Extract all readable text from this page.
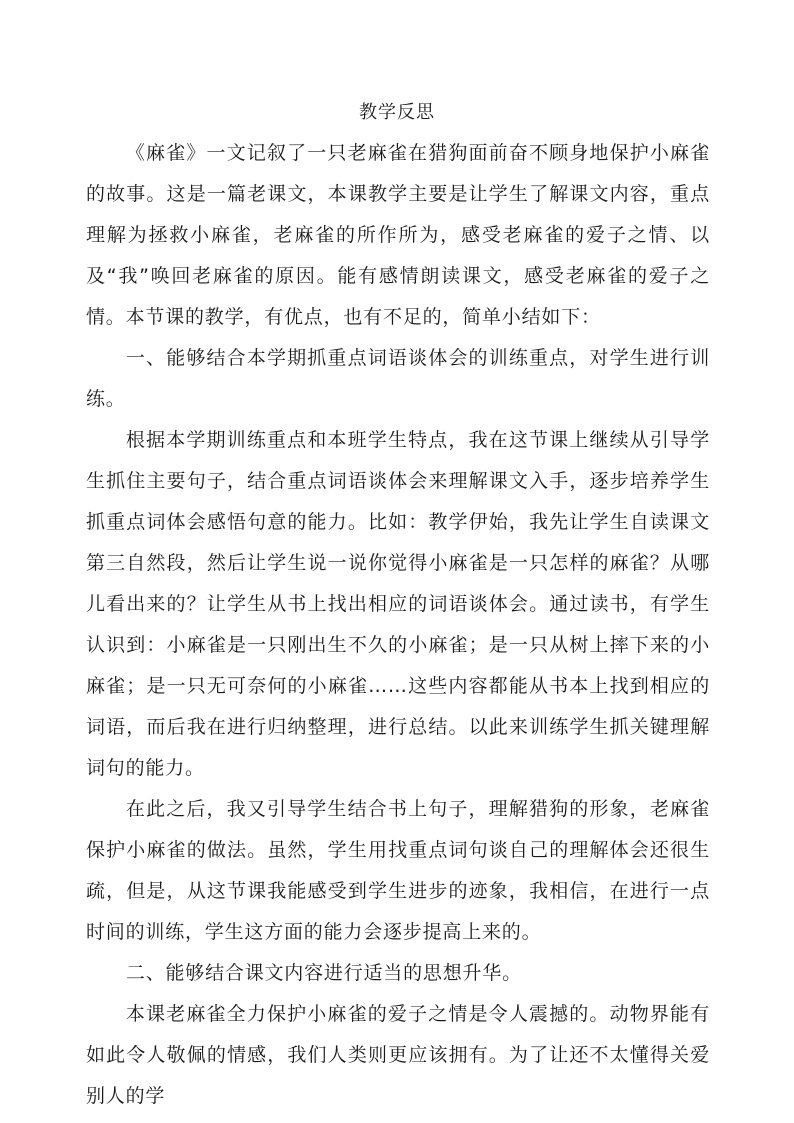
教学反思

《麻雀》一文记叙了一只老麻雀在猎狗面前奋不顾身地保护小麻雀的故事。这是一篇老课文，本课教学主要是让学生了解课文内容，重点理解为拯救小麻雀，老麻雀的所作所为，感受老麻雀的爱子之情、以及“我”唤回老麻雀的原因。能有感情朗读课文，感受老麻雀的爱子之情。本节课的教学，有优点，也有不足的，简单小结如下：

一、能够结合本学期抓重点词语谈体会的训练重点，对学生进行训练。

根据本学期训练重点和本班学生特点，我在这节课上继续从引导学生抓住主要句子，结合重点词语谈体会来理解课文入手，逐步培养学生抓重点词体会感悟句意的能力。比如：教学伊始，我先让学生自读课文第三自然段，然后让学生说一说你觉得小麻雀是一只怎样的麻雀？从哪儿看出来的？让学生从书上找出相应的词语谈体会。通过读书，有学生认识到：小麻雀是一只刚出生不久的小麻雀；是一只从树上摔下来的小麻雀；是一只无可奈何的小麻雀……这些内容都能从书本上找到相应的词语，而后我在进行归纳整理，进行总结。以此来训练学生抓关键理解词句的能力。

在此之后，我又引导学生结合书上句子，理解猎狗的形象，老麻雀保护小麻雀的做法。虽然，学生用找重点词句谈自己的理解体会还很生疏，但是，从这节课我能感受到学生进步的迹象，我相信，在进行一点时间的训练，学生这方面的能力会逐步提高上来的。

二、能够结合课文内容进行适当的思想升华。

本课老麻雀全力保护小麻雀的爱子之情是令人震撼的。动物界能有如此令人敬佩的情感，我们人类则更应该拥有。为了让还不太懂得关爱别人的学
